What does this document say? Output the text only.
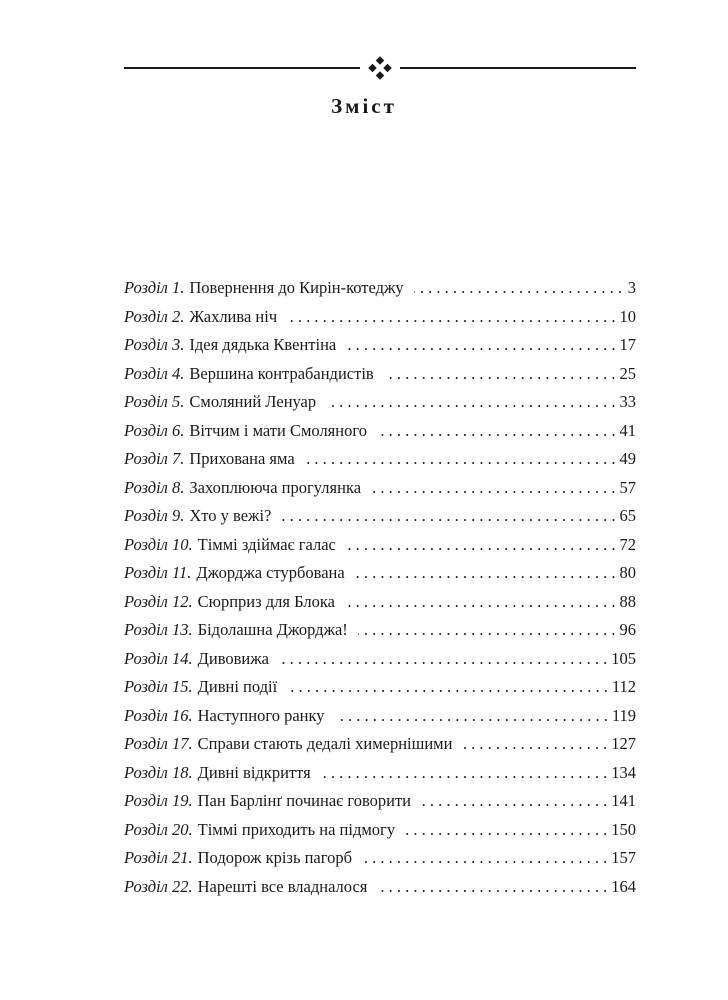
Зміст
Розділ 1. Повернення до Кирін-котеджу . . .	3
Розділ 2. Жахлива ніч . . .	10
Розділ 3. Ідея дядька Квентіна . . .	17
Розділ 4. Вершина контрабандистів . . .	25
Розділ 5. Смоляний Ленуар . . .	33
Розділ 6. Вітчим і мати Смоляного . . .	41
Розділ 7. Прихована яма . . .	49
Розділ 8. Захоплююча прогулянка . . .	57
Розділ 9. Хто у вежі? . . .	65
Розділ 10. Тіммі здіймає галас . . .	72
Розділ 11. Джорджа стурбована . . .	80
Розділ 12. Сюрприз для Блока . . .	88
Розділ 13. Бідолашна Джорджа! . . .	96
Розділ 14. Дивовижа . . .	105
Розділ 15. Дивні події . . .	112
Розділ 16. Наступного ранку . . .	119
Розділ 17. Справи стають дедалі химернішими . . .	127
Розділ 18. Дивні відкриття . . .	134
Розділ 19. Пан Барлінґ починає говорити . . .	141
Розділ 20. Тіммі приходить на підмогу . . .	150
Розділ 21. Подорож крізь пагорб . . .	157
Розділ 22. Нарешті все владналося . . .	164
